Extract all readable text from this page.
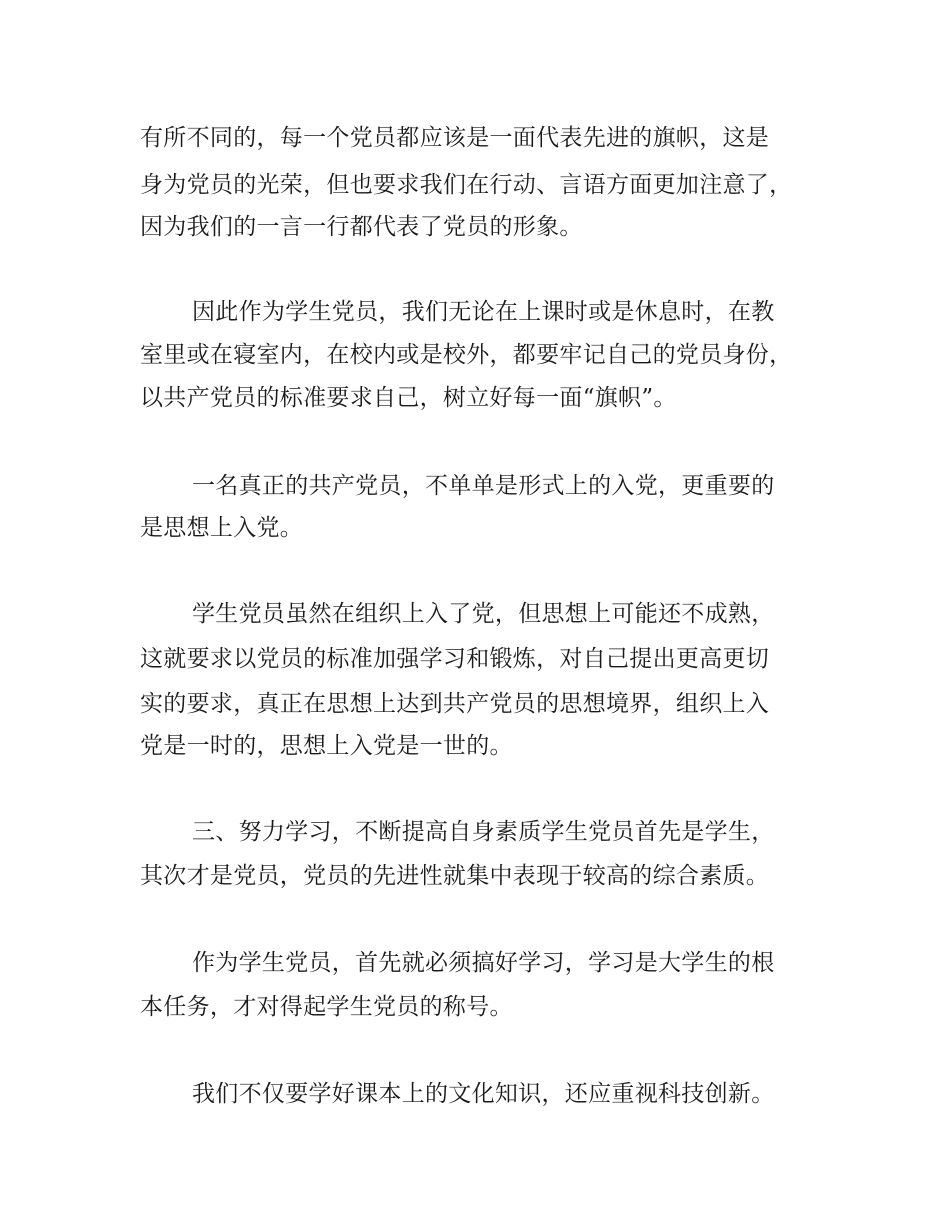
有所不同的，每一个党员都应该是一面代表先进的旗帜，这是
身为党员的光荣，但也要求我们在行动、言语方面更加注意了，
因为我们的一言一行都代表了党员的形象。
因此作为学生党员，我们无论在上课时或是休息时，在教
室里或在寝室内，在校内或是校外，都要牢记自己的党员身份，
以共产党员的标准要求自己，树立好每一面“旗帜”。
一名真正的共产党员，不单单是形式上的入党，更重要的
是思想上入党。
学生党员虽然在组织上入了党，但思想上可能还不成熟，
这就要求以党员的标准加强学习和锻炼，对自己提出更高更切
实的要求，真正在思想上达到共产党员的思想境界，组织上入
党是一时的，思想上入党是一世的。
三、努力学习，不断提高自身素质学生党员首先是学生，
其次才是党员，党员的先进性就集中表现于较高的综合素质。
作为学生党员，首先就必须搞好学习，学习是大学生的根
本任务，才对得起学生党员的称号。
我们不仅要学好课本上的文化知识，还应重视科技创新。
